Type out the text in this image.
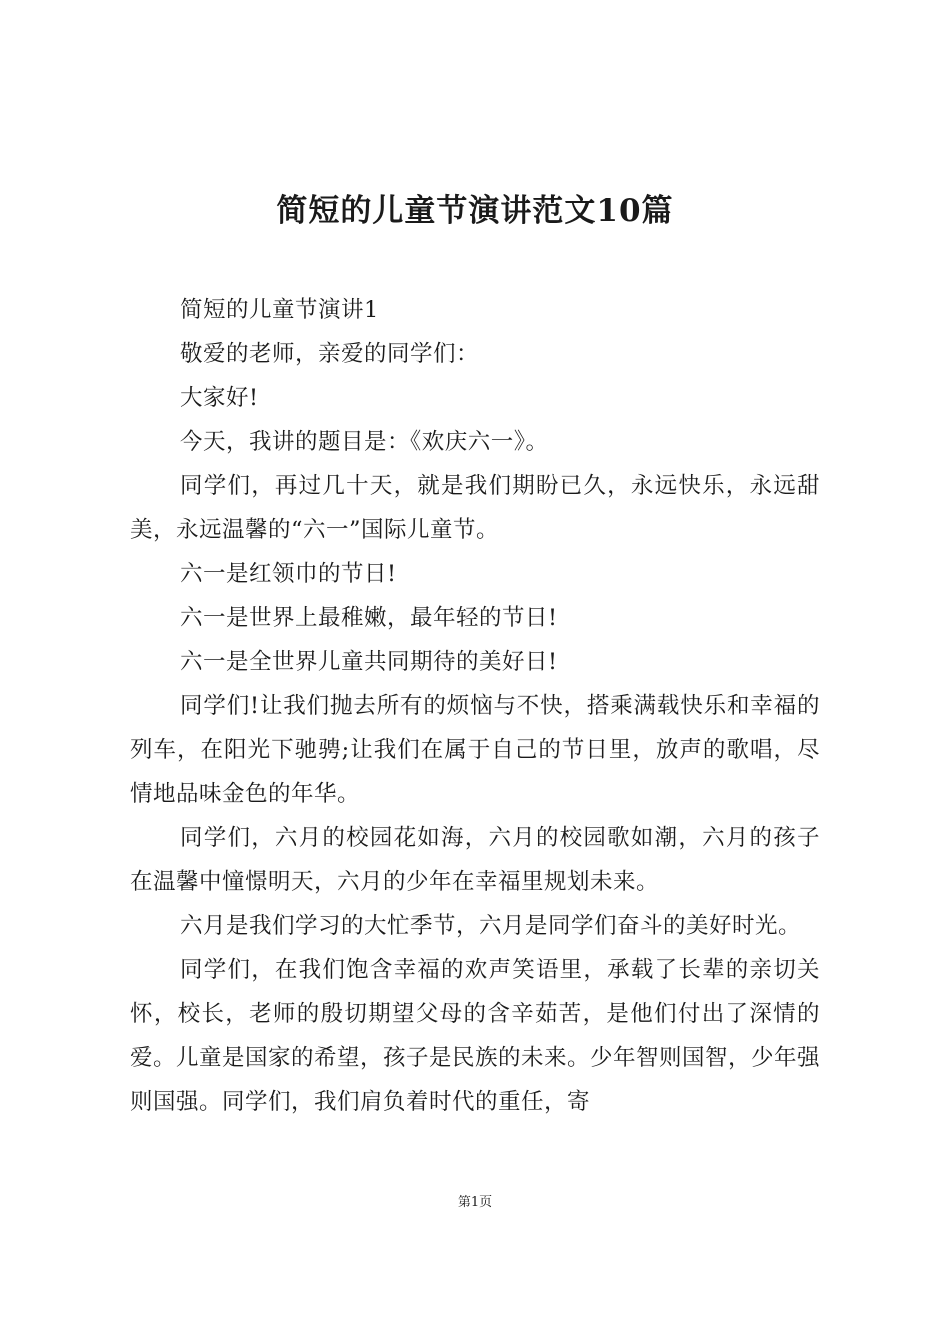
简短的儿童节演讲范文10篇

简短的儿童节演讲1

敬爱的老师，亲爱的同学们：

大家好!

今天，我讲的题目是：《欢庆六一》。

同学们，再过几十天，就是我们期盼已久，永远快乐，永远甜美，永远温馨的“六一”国际儿童节。

六一是红领巾的节日!

六一是世界上最稚嫩，最年轻的节日!

六一是全世界儿童共同期待的美好日!

同学们!让我们抛去所有的烦恼与不快，搭乘满载快乐和幸福的列车，在阳光下驰骋;让我们在属于自己的节日里，放声的歌唱，尽情地品味金色的年华。

同学们，六月的校园花如海，六月的校园歌如潮，六月的孩子在温馨中憧憬明天，六月的少年在幸福里规划未来。

六月是我们学习的大忙季节，六月是同学们奋斗的美好时光。

同学们，在我们饱含幸福的欢声笑语里，承载了长辈的亲切关怀，校长，老师的殷切期望父母的含辛茹苦，是他们付出了深情的爱。儿童是国家的希望，孩子是民族的未来。少年智则国智，少年强则国强。同学们，我们肩负着时代的重任，寄

第1页
